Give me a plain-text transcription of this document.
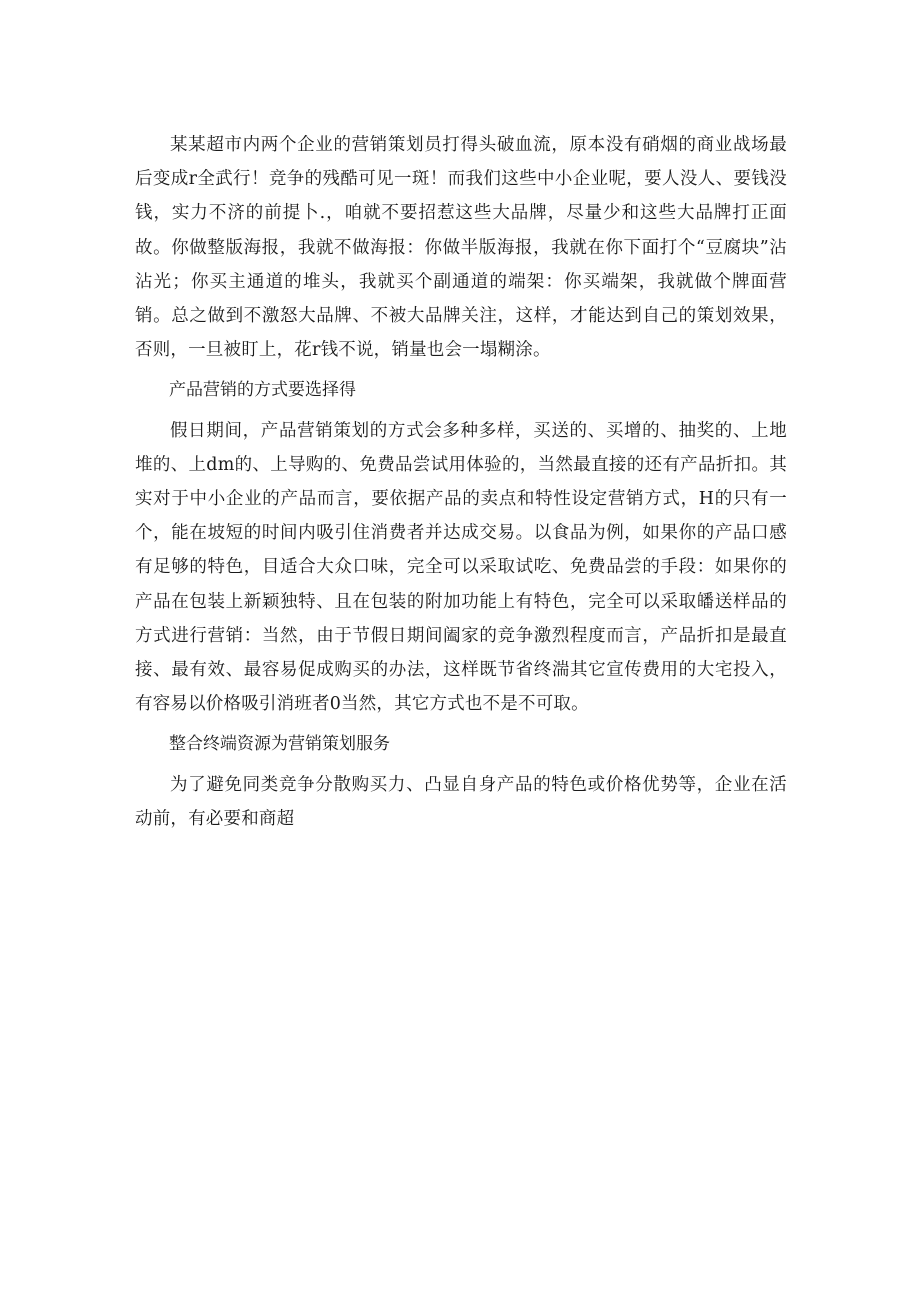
某某超市内两个企业的营销策划员打得头破血流，原本没有硝烟的商业战场最后变成r全武行！竞争的残酷可见一斑！而我们这些中小企业呢，要人没人、要钱没钱，实力不济的前提卜.，咱就不要招惹这些大品牌，尽量少和这些大品牌打正面故。你做整版海报，我就不做海报：你做半版海报，我就在你下面打个“豆腐块”沾沾光；你买主通道的堆头，我就买个副通道的端架：你买端架，我就做个牌面营销。总之做到不激怒大品牌、不被大品牌关注，这样，才能达到自己的策划效果，否则，一旦被盯上，花r钱不说，销量也会一塌糊涂。

产品营销的方式要选择得

假日期间，产品营销策划的方式会多种多样，买送的、买增的、抽奖的、上地堆的、上dm的、上导购的、免费品尝试用体验的，当然最直接的还有产品折扣。其实对于中小企业的产品而言，要依据产品的卖点和特性设定营销方式，H的只有一个，能在坡短的时间内吸引住消费者并达成交易。以食品为例，如果你的产品口感有足够的特色，目适合大众口味，完全可以采取试吃、免费品尝的手段：如果你的产品在包装上新颖独特、且在包装的附加功能上有特色，完全可以采取皤送样品的方式进行营销：当然，由于节假日期间阖家的竞争激烈程度而言，产品折扣是最直接、最有效、最容易促成购买的办法，这样既节省终湍其它宣传费用的大宅投入，有容易以价格吸引消班者0当然，其它方式也不是不可取。

整合终端资源为营销策划服务

为了避免同类竞争分散购买力、凸显自身产品的特色或价格优势等，企业在活动前，有必要和商超
